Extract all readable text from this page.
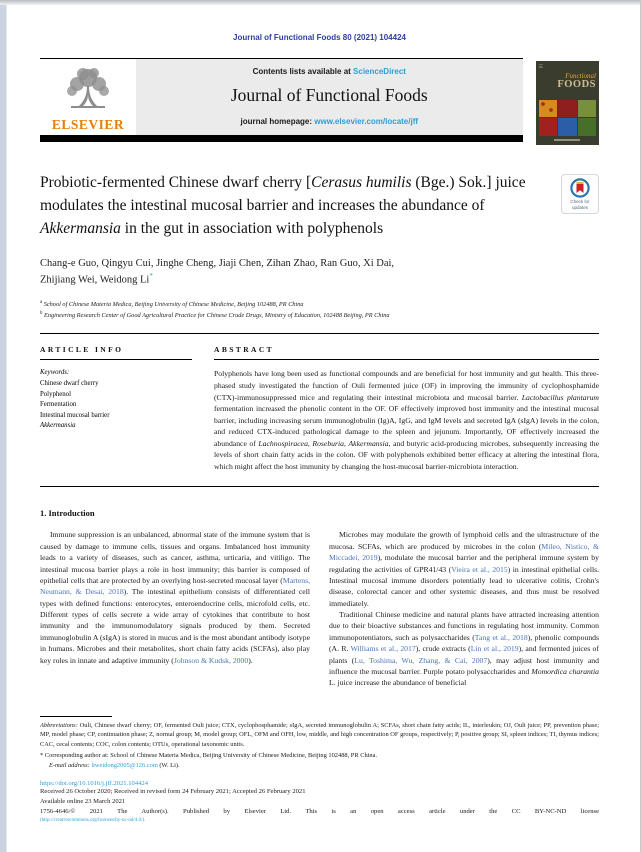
Journal of Functional Foods 80 (2021) 104424
ELSEVIER
Contents lists available at ScienceDirect
Journal of Functional Foods
journal homepage: www.elsevier.com/locate/jff
☰
Functional
FOODS
Probiotic-fermented Chinese dwarf cherry [Cerasus humilis (Bge.) Sok.] juice modulates the intestinal mucosal barrier and increases the abundance of Akkermansia in the gut in association with polyphenols
Check for
updates
Chang-e Guo, Qingyu Cui, Jinghe Cheng, Jiaji Chen, Zihan Zhao, Ran Guo, Xi Dai,
Zhijiang Wei, Weidong Li*
$^a$ School of Chinese Materia Medica, Beijing University of Chinese Medicine, Beijing 102488, PR China
$^b$ Engineering Research Center of Good Agricultural Practice for Chinese Crude Drugs, Ministry of Education, 102488 Beijing, PR China
ARTICLE INFO
Keywords:
Chinese dwarf cherry
Polyphenol
Fermentation
Intestinal mucosal barrier
Akkermansia
ABSTRACT
Polyphenols have long been used as functional compounds and are beneficial for host immunity and gut health. This three-phased study investigated the function of Ouli fermented juice (OF) in improving the immunity of cyclophosphamide (CTX)-immunosuppressed mice and regulating their intestinal microbiota and mucosal barrier. Lactobacillus plantarum fermentation increased the phenolic content in the OF. OF effectively improved host immunity and the intestinal mucosal barrier, including increasing serum immunoglobulin (Ig)A, IgG, and IgM levels and secreted IgA (sIgA) levels in the colon, and reduced CTX-induced pathological damage to the spleen and jejunum. Importantly, OF effectively increased the abundance of Lachnospiracea, Roseburia, Akkermansia, and butyric acid-producing microbes, subsequently increasing the levels of short chain fatty acids in the colon. OF with polyphenols exhibited better efficacy at altering the intestinal flora, which might affect the host immunity by changing the host-mucosal barrier-microbiota interaction.
1. Introduction

Immune suppression is an unbalanced, abnormal state of the immune system that is caused by damage to immune cells, tissues and organs. Imbalanced host immunity leads to a variety of diseases, such as cancer, asthma, urticaria, and vitiligo. The intestinal mucosa barrier plays a role in host immunity; this barrier is composed of epithelial cells that are protected by an overlying host-secreted mucosal layer (Martens, Neumann, & Desai, 2018). The intestinal epithelium consists of differentiated cell types with defined functions: enterocytes, enteroendocrine cells, microfold cells, etc. Different types of cells secrete a wide array of cytokines that contribute to host immunity and the immunomodulatory signals produced by them. Secreted immunoglobulin A (sIgA) is stored in mucus and is the most abundant antibody isotype in humans. Microbes and their metabolites, short chain fatty acids (SCFAs), also play key roles in innate and adaptive immunity (Johnson & Kudsk, 2000).

Microbes may modulate the growth of lymphoid cells and the ultrastructure of the mucosa. SCFAs, which are produced by microbes in the colon (Mileo, Nistico, & Miccadei, 2019), modulate the mucosal barrier and the peripheral immune system by regulating the activities of GPR41/43 (Vieira et al., 2015) in intestinal epithelial cells. Intestinal mucosal immune disorders potentially lead to ulcerative colitis, Crohn's disease, colorectal cancer and other systemic diseases, and thus must be resolved immediately.

Traditional Chinese medicine and natural plants have attracted increasing attention due to their bioactive substances and functions in regulating host immunity. Common immunopotentiators, such as polysaccharides (Tang et al., 2018), phenolic compounds (A. R. Williams et al., 2017), crude extracts (Lin et al., 2019), and fermented juices of plants (Lu, Toshima, Wu, Zhang, & Cai, 2007), may adjust host immunity and influence the mucosal barrier. Purple potato polysaccharides and Momordica charantia L. juice increase the abundance of beneficial

Abbreviations: Ouli, Chinese dwarf cherry; OF, fermented Ouli juice; CTX, cyclophosphamide; sIgA, secreted immunoglobulin A; SCFAs, short chain fatty acids; IL, interleukin; OJ, Ouli juice; PP, prevention phase; MP, model phase; CP, continuation phase; Z, normal group; M, model group; OFL, OFM and OFH, low, middle, and high concentration OF groups, respectively; P, positive group; SI, spleen indices; TI, thymus indices; CAC, cecal contents; COC, colon contents; OTUs, operational taxonomic units.
* Corresponding author at: School of Chinese Materia Medica, Beijing University of Chinese Medicine, Beijing 102488, PR China.
E-mail address: liweidong2005@126.com (W. Li).
https://doi.org/10.1016/j.jff.2021.104424
Received 26 October 2020; Received in revised form 24 February 2021; Accepted 26 February 2021
Available online 23 March 2021
1756-4646/© 2021 The Author(s). Published by Elsevier Ltd. This is an open access article under the CC BY-NC-ND license
(http://creativecommons.org/licenses/by-nc-nd/4.0/).
